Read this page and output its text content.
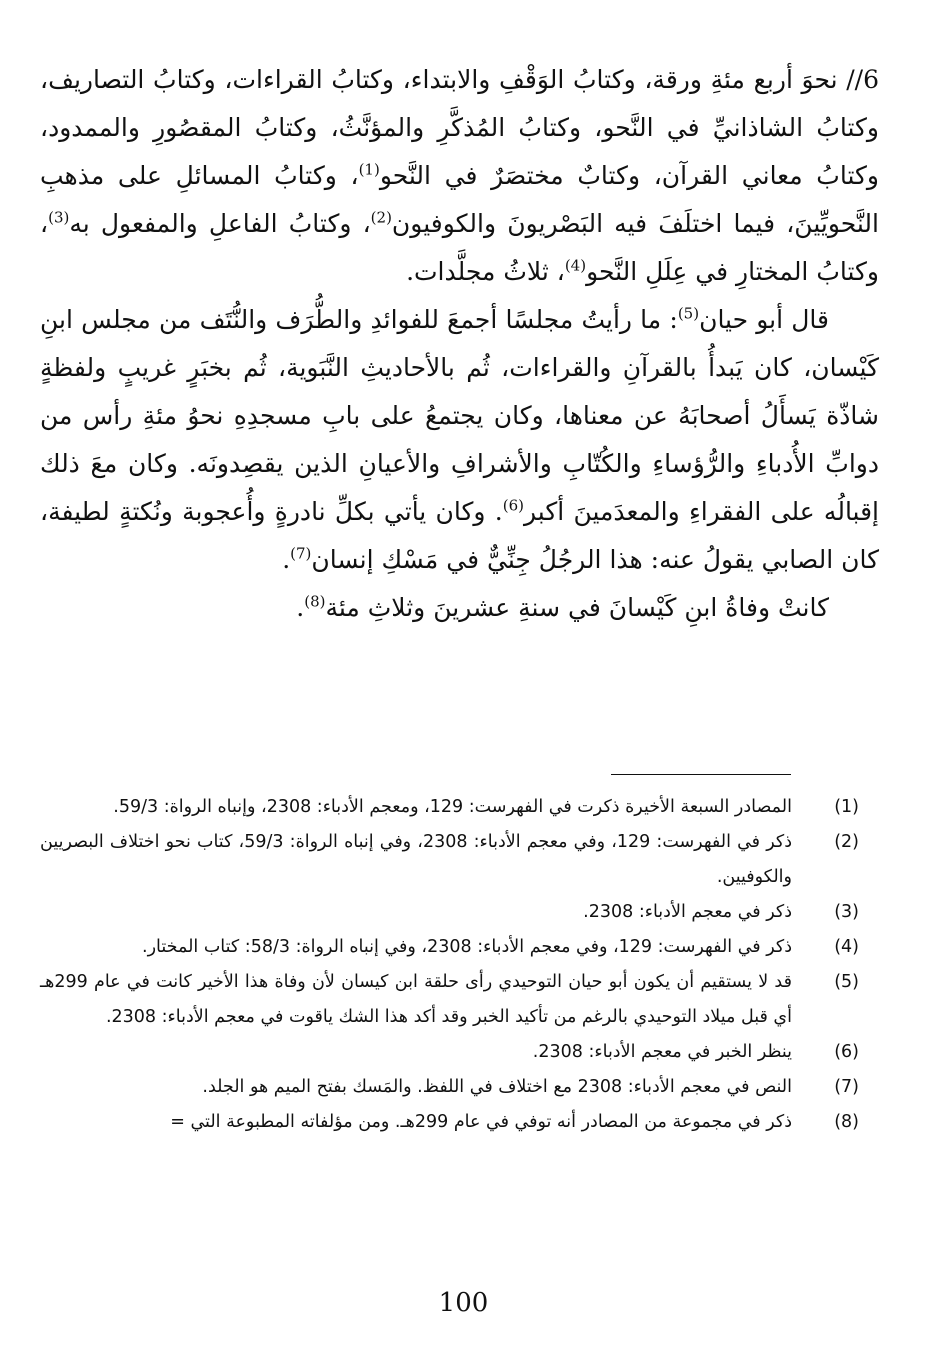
6// نحوَ أربع مئةِ ورقة، وكتابُ الوَقْفِ والابتداء، وكتابُ القراءات، وكتابُ التصاريف، وكتابُ الشاذانيِّ في النَّحو، وكتابُ المُذكَّرِ والمؤنَّثُ، وكتابُ المقصُورِ والممدود، وكتابُ معاني القرآن، وكتابٌ مختصَرٌ في النَّحو$^{(1)}$، وكتابُ المسائلِ على مذهبِ النَّحويِّينَ، فيما اختلَفَ فيه البَصْريونَ والكوفيون$^{(2)}$، وكتابُ الفاعلِ والمفعول به$^{(3)}$، وكتابُ المختارِ في عِلَلِ النَّحو$^{(4)}$، ثلاثُ مجلَّدات.

قال أبو حيان$^{(5)}$: ما رأيتُ مجلسًا أجمعَ للفوائدِ والطُّرَف والنُّتَف من مجلس ابنِ كَيْسان، كان يَبدأُ بالقرآنِ والقراءات، ثُم بالأحاديثِ النَّبَوية، ثُم بخبَرٍ غريبٍ ولفظةٍ شاذّة يَسأَلُ أصحابَهُ عن معناها، وكان يجتمعُ على بابِ مسجدِهِ نحوُ مئةِ رأس من دوابِّ الأُدباءِ والرُّؤساءِ والكُتّابِ والأشرافِ والأعيانِ الذين يقصِدونَه. وكان معَ ذلك إقبالُه على الفقراءِ والمعدَمينَ أكبر$^{(6)}$. وكان يأتي بكلِّ نادرةٍ وأُعجوبة ونُكتةٍ لطيفة، كان الصابي يقولُ عنه: هذا الرجُلُ جِنِّيٌّ في مَسْكِ إنسان$^{(7)}$.

كانتْ وفاةُ ابنِ كَيْسانَ في سنةِ عشرينَ وثلاثِ مئة$^{(8)}$.

(1)
المصادر السبعة الأخيرة ذكرت في الفهرست: 129، ومعجم الأدباء: 2308، وإنباه الرواة: 59/3.
(2)
ذكر في الفهرست: 129، وفي معجم الأدباء: 2308، وفي إنباه الرواة: 59/3، كتاب نحو اختلاف البصريين والكوفيين.
(3)
ذكر في معجم الأدباء: 2308.
(4)
ذكر في الفهرست: 129، وفي معجم الأدباء: 2308، وفي إنباه الرواة: 58/3: كتاب المختار.
(5)
قد لا يستقيم أن يكون أبو حيان التوحيدي رأى حلقة ابن كيسان لأن وفاة هذا الأخير كانت في عام 299هـ أي قبل ميلاد التوحيدي بالرغم من تأكيد الخبر وقد أكد هذا الشك ياقوت في معجم الأدباء: 2308.
(6)
ينظر الخبر في معجم الأدباء: 2308.
(7)
النص في معجم الأدباء: 2308 مع اختلاف في اللفظ. والمَسك بفتح الميم هو الجلد.
(8)
ذكر في مجموعة من المصادر أنه توفي في عام 299هـ. ومن مؤلفاته المطبوعة التي =
100
